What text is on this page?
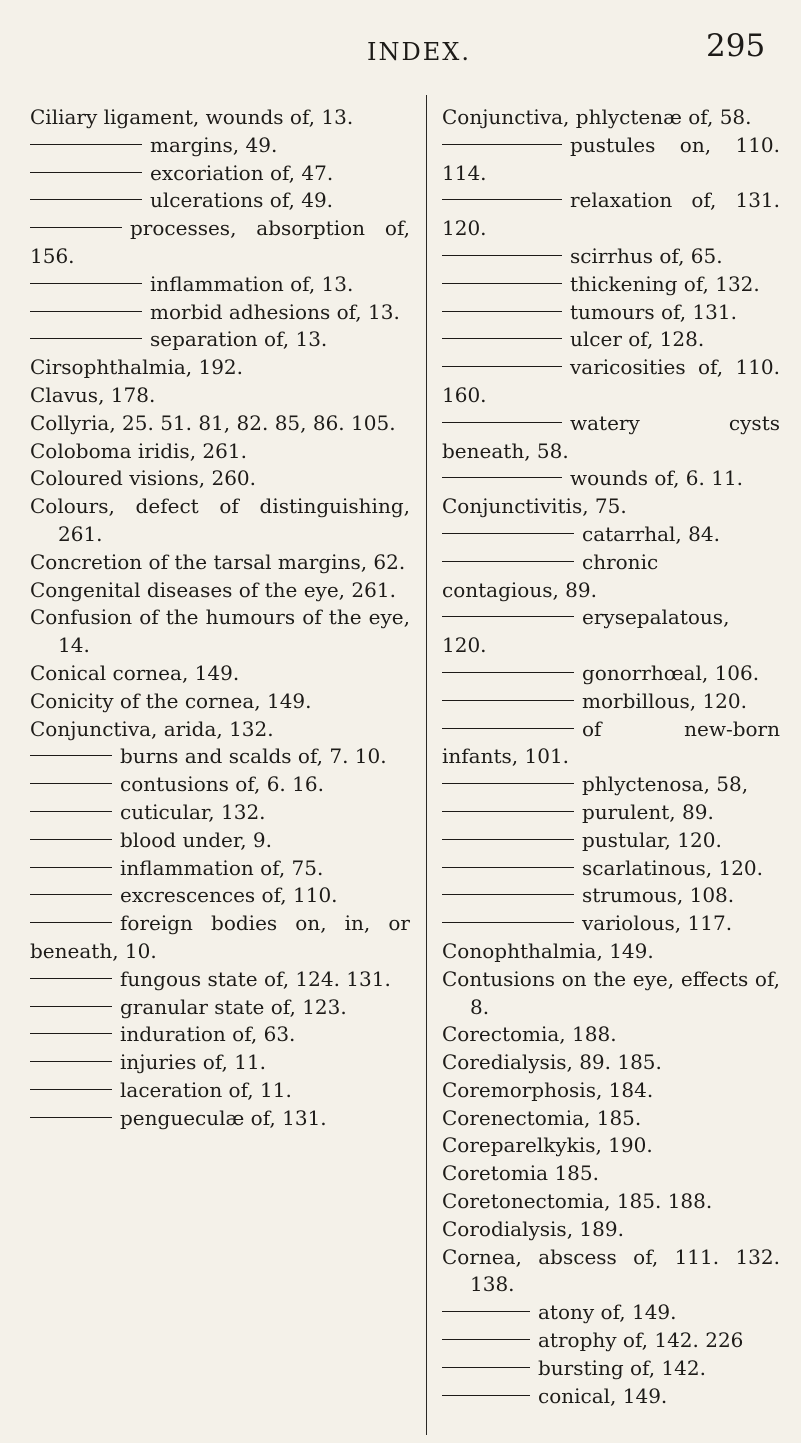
INDEX.	295

Ciliary ligament, wounds of, 13.

margins, 49.

excoriation of, 47.

ulcerations of, 49.

processes, absorption of, 156.

inflammation of, 13.

morbid adhesions of, 13.

separation of, 13.

Cirsophthalmia, 192.

Clavus, 178.

Collyria, 25. 51. 81, 82. 85, 86. 105.

Coloboma iridis, 261.

Coloured visions, 260.

Colours, defect of distinguishing, 261.

Concretion of the tarsal margins, 62.

Congenital diseases of the eye, 261.

Confusion of the humours of the eye, 14.

Conical cornea, 149.

Conicity of the cornea, 149.

Conjunctiva, arida, 132.

burns and scalds of, 7. 10.

contusions of, 6. 16.

cuticular, 132.

blood under, 9.

inflammation of, 75.

excrescences of, 110.

foreign bodies on, in, or beneath, 10.

fungous state of, 124. 131.

granular state of, 123.

induration of, 63.

injuries of, 11.

laceration of, 11.

pengueculæ of, 131.

Conjunctiva, phlyctenæ of, 58.

pustules on, 110. 114.

relaxation of, 131. 120.

scirrhus of, 65.

thickening of, 132.

tumours of, 131.

ulcer of, 128.

varicosities of, 110. 160.

watery cysts beneath, 58.

wounds of, 6. 11.

Conjunctivitis, 75.

catarrhal, 84.

chronic contagious, 89.

erysepalatous, 120.

gonorrhœal, 106.

morbillous, 120.

of new-born infants, 101.

phlyctenosa, 58,

purulent, 89.

pustular, 120.

scarlatinous, 120.

strumous, 108.

variolous, 117.

Conophthalmia, 149.

Contusions on the eye, effects of, 8.

Corectomia, 188.

Coredialysis, 89. 185.

Coremorphosis, 184.

Corenectomia, 185.

Coreparelkykis, 190.

Coretomia 185.

Coretonectomia, 185. 188.

Corodialysis, 189.

Cornea, abscess of, 111. 132. 138.

atony of, 149.

atrophy of, 142. 226

bursting of, 142.

conical, 149.
